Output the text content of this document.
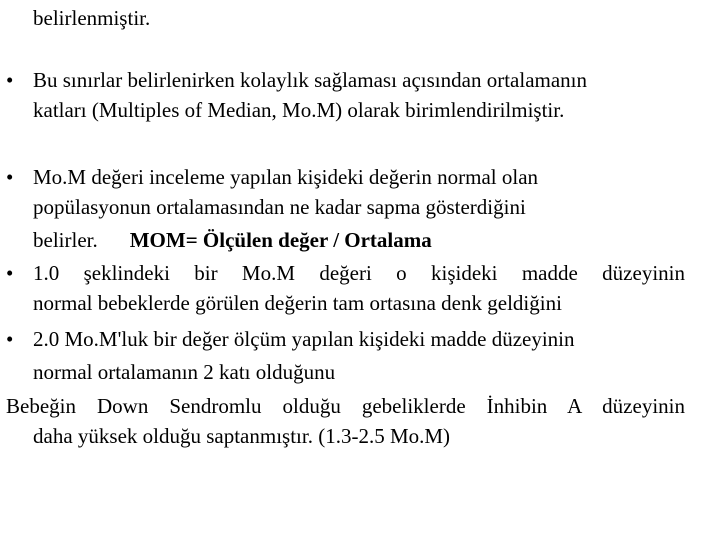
belirlenmiştir.
• Bu sınırlar belirlenirken kolaylık sağlaması açısından ortalamanın
katları (Multiples of Median, Mo.M) olarak birimlendirilmiştir.
• Mo.M değeri inceleme yapılan kişideki değerin normal olan
popülasyonun ortalamasından ne kadar sapma gösterdiğini
belirler. MOM= Ölçülen değer / Ortalama
• 1.0 şeklindeki bir Mo.M değeri o kişideki madde düzeyinin
normal bebeklerde görülen değerin tam ortasına denk geldiğini
• 2.0 Mo.M'luk bir değer ölçüm yapılan kişideki madde düzeyinin
normal ortalamanın 2 katı olduğunu
Bebeğin Down Sendromlu olduğu gebeliklerde İnhibin A düzeyinin
daha yüksek olduğu saptanmıştır. (1.3-2.5 Mo.M)
